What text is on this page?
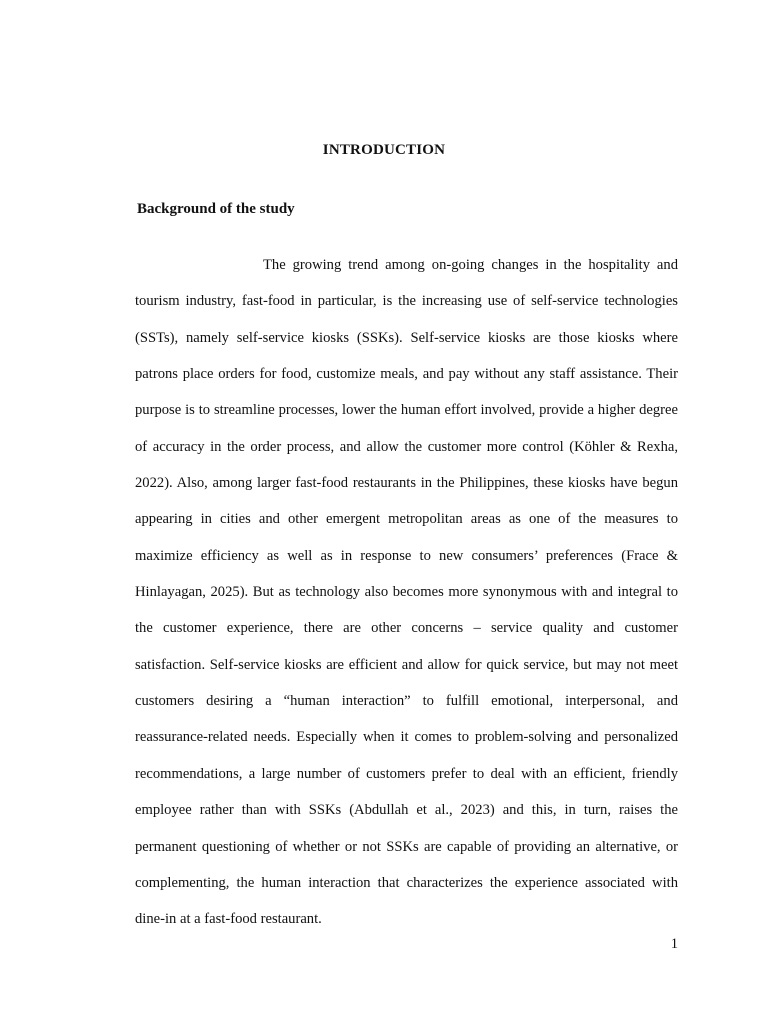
INTRODUCTION
Background of the study

The growing trend among on-going changes in the hospitality and tourism industry, fast-food in particular, is the increasing use of self-service technologies (SSTs), namely self-service kiosks (SSKs). Self-service kiosks are those kiosks where patrons place orders for food, customize meals, and pay without any staff assistance. Their purpose is to streamline processes, lower the human effort involved, provide a higher degree of accuracy in the order process, and allow the customer more control (Köhler & Rexha, 2022). Also, among larger fast-food restaurants in the Philippines, these kiosks have begun appearing in cities and other emergent metropolitan areas as one of the measures to maximize efficiency as well as in response to new consumers’ preferences (Frace & Hinlayagan, 2025). But as technology also becomes more synonymous with and integral to the customer experience, there are other concerns – service quality and customer satisfaction. Self-service kiosks are efficient and allow for quick service, but may not meet customers desiring a “human interaction” to fulfill emotional, interpersonal, and reassurance-related needs. Especially when it comes to problem-solving and personalized recommendations, a large number of customers prefer to deal with an efficient, friendly employee rather than with SSKs (Abdullah et al., 2023) and this, in turn, raises the permanent questioning of whether or not SSKs are capable of providing an alternative, or complementing, the human interaction that characterizes the experience associated with dine-in at a fast-food restaurant.

1
